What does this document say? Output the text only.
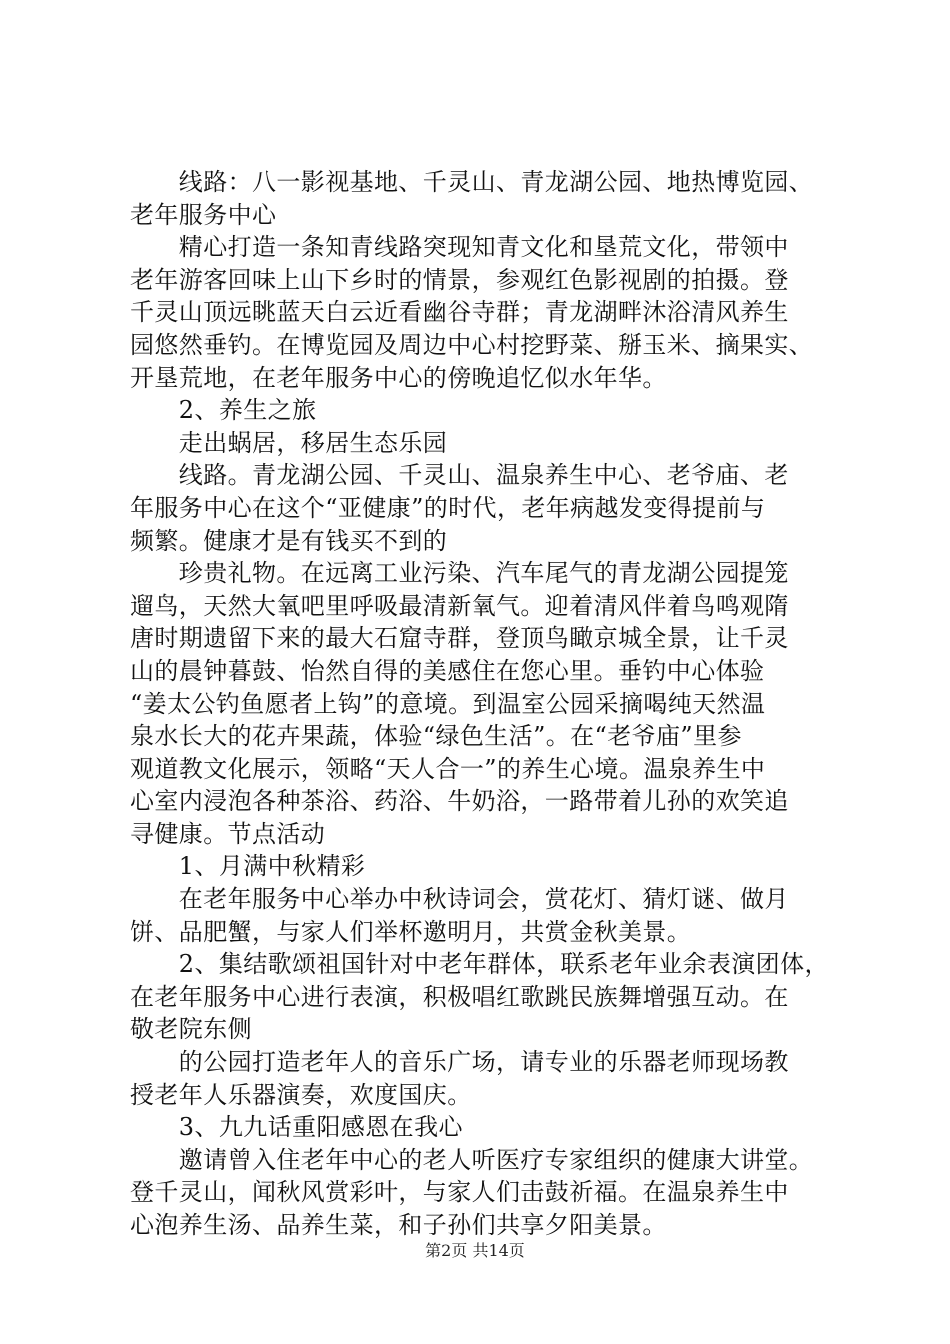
　　线路：八一影视基地、千灵山、青龙湖公园、地热博览园、
老年服务中心
　　精心打造一条知青线路突现知青文化和垦荒文化，带领中
老年游客回味上山下乡时的情景，参观红色影视剧的拍摄。登
千灵山顶远眺蓝天白云近看幽谷寺群；青龙湖畔沐浴清风养生
园悠然垂钓。在博览园及周边中心村挖野菜、掰玉米、摘果实、
开垦荒地，在老年服务中心的傍晚追忆似水年华。
　　2、养生之旅
　　走出蜗居，移居生态乐园
　　线路。青龙湖公园、千灵山、温泉养生中心、老爷庙、老
年服务中心在这个“亚健康”的时代，老年病越发变得提前与
频繁。健康才是有钱买不到的
　　珍贵礼物。在远离工业污染、汽车尾气的青龙湖公园提笼
遛鸟，天然大氧吧里呼吸最清新氧气。迎着清风伴着鸟鸣观隋
唐时期遗留下来的最大石窟寺群，登顶鸟瞰京城全景，让千灵
山的晨钟暮鼓、怡然自得的美感住在您心里。垂钓中心体验
“姜太公钓鱼愿者上钩”的意境。到温室公园采摘喝纯天然温
泉水长大的花卉果蔬，体验“绿色生活”。在“老爷庙”里参
观道教文化展示，领略“天人合一”的养生心境。温泉养生中
心室内浸泡各种茶浴、药浴、牛奶浴，一路带着儿孙的欢笑追
寻健康。节点活动
　　1、月满中秋精彩
　　在老年服务中心举办中秋诗词会，赏花灯、猜灯谜、做月
饼、品肥蟹，与家人们举杯邀明月，共赏金秋美景。
　　2、集结歌颂祖国针对中老年群体，联系老年业余表演团体，
在老年服务中心进行表演，积极唱红歌跳民族舞增强互动。在
敬老院东侧
　　的公园打造老年人的音乐广场，请专业的乐器老师现场教
授老年人乐器演奏，欢度国庆。
　　3、九九话重阳感恩在我心
　　邀请曾入住老年中心的老人听医疗专家组织的健康大讲堂。
登千灵山，闻秋风赏彩叶，与家人们击鼓祈福。在温泉养生中
心泡养生汤、品养生菜，和子孙们共享夕阳美景。

第2页 共14页
